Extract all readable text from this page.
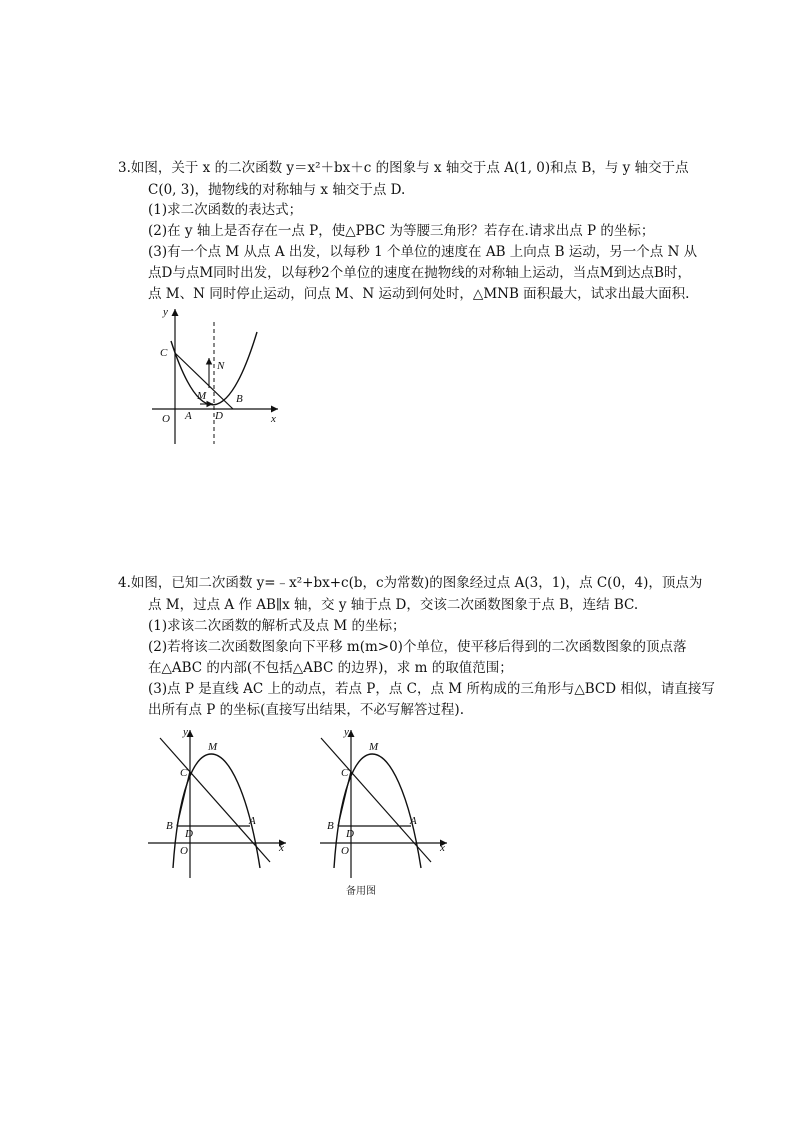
3.如图，关于 x 的二次函数 y＝x²＋bx＋c 的图象与 x 轴交于点 A(1, 0)和点 B，与 y 轴交于点
C(0, 3)，抛物线的对称轴与 x 轴交于点 D.
(1)求二次函数的表达式；
(2)在 y 轴上是否存在一点 P，使△PBC 为等腰三角形？若存在.请求出点 P 的坐标；
(3)有一个点 M 从点 A 出发，以每秒 1 个单位的速度在 AB 上向点 B 运动，另一个点 N 从
点D与点M同时出发，以每秒2个单位的速度在抛物线的对称轴上运动，当点M到达点B时，
点 M、N 同时停止运动，问点 M、N 运动到何处时，△MNB 面积最大，试求出最大面积.
y
x
C
N
M	B
O A D
4.如图，已知二次函数 y=﹣x²+bx+c(b，c为常数)的图象经过点 A(3，1)，点 C(0，4)，顶点为
点 M，过点 A 作 AB∥x 轴，交 y 轴于点 D，交该二次函数图象于点 B，连结 BC.
(1)求该二次函数的解析式及点 M 的坐标；
(2)若将该二次函数图象向下平移 m(m>0)个单位，使平移后得到的二次函数图象的顶点落
在△ABC 的内部(不包括△ABC 的边界)，求 m 的取值范围；
(3)点 P 是直线 AC 上的动点，若点 P，点 C，点 M 所构成的三角形与△BCD 相似，请直接写
出所有点 P 的坐标(直接写出结果，不必写解答过程).
y
M
C
B
D
A
O	x
y
M
C
B
D
A
O	x
备用图
